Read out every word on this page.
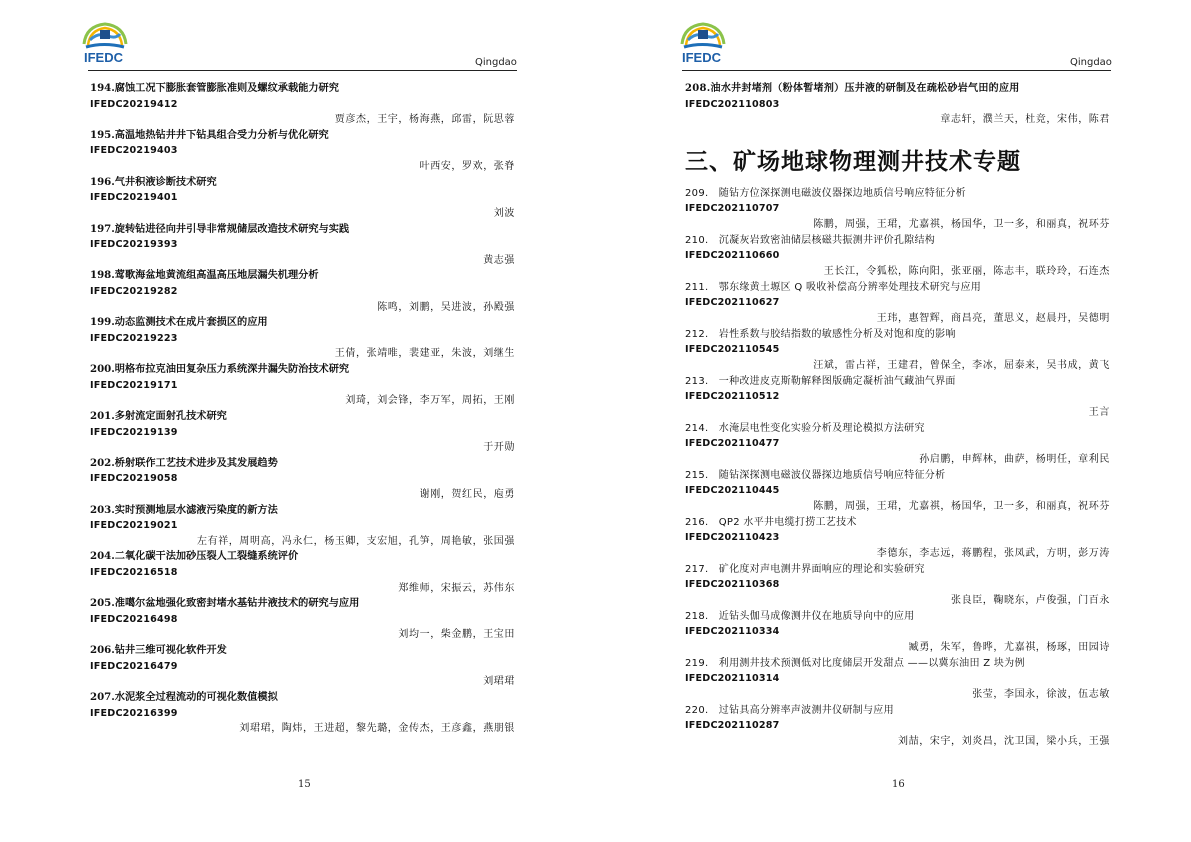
IFEDC	Qingdao
194.腐蚀工况下膨胀套管膨胀准则及螺纹承载能力研究
IFEDC20219412
贾彦杰，王宇，杨海燕，邱雷，阮思蓉
195.高温地热钻井井下钻具组合受力分析与优化研究
IFEDC20219403
叶西安，罗欢，张脊
196.气井积液诊断技术研究
IFEDC20219401
刘波
197.旋转钻进径向井引导非常规储层改造技术研究与实践
IFEDC20219393
黄志强
198.莺歌海盆地黄流组高温高压地层漏失机理分析
IFEDC20219282
陈鸣，刘鹏，吴进波，孙殿强
199.动态监测技术在成片套损区的应用
IFEDC20219223
王倩，张靖唯，裴建亚，朱波，刘继生
200.明格布拉克油田复杂压力系统深井漏失防治技术研究
IFEDC20219171
刘琦，刘会锋，李万军，周拓，王刚
201.多射流定面射孔技术研究
IFEDC20219139
于开勋
202.桥射联作工艺技术进步及其发展趋势
IFEDC20219058
谢刚，贺红民，庖勇
203.实时预测地层水滤液污染度的新方法
IFEDC20219021
左有祥，周明高，冯永仁，杨玉卿，支宏旭，孔笋，周艳敏，张国强
204.二氧化碳干法加砂压裂人工裂缝系统评价
IFEDC20216518
郑维师，宋振云，苏伟东
205.准噶尔盆地强化致密封堵水基钻井液技术的研究与应用
IFEDC20216498
刘均一，柴金鹏，王宝田
206.钻井三维可视化软件开发
IFEDC20216479
刘珺珺
207.水泥浆全过程流动的可视化数值模拟
IFEDC20216399
刘珺珺，陶炜，王进超，黎先璐，金传杰，王彦鑫，燕朋银
15
IFEDC	Qingdao
208.油水井封堵剂（粉体暂堵剂）压井液的研制及在疏松砂岩气田的应用
IFEDC202110803
章志轩，濮兰天，杜竞，宋伟，陈君
三、矿场地球物理测井技术专题
209.　随钻方位深探测电磁波仪器探边地质信号响应特征分析
IFEDC202110707
陈鹏，周强，王珺，尤嘉祺，杨国华，卫一多，和丽真，祝环芬
210.　沉凝灰岩致密油储层核磁共振测井评价孔隙结构
IFEDC202110660
王长江，令狐松，陈向阳，张亚丽，陈志丰，联玲玲，石连杰
211.　鄂东缘黄土塬区 Q 吸收补偿高分辨率处理技术研究与应用
IFEDC202110627
王玮，惠智辉，商昌亮，董思义，赵晨丹，吴德明
212.　岩性系数与胶结指数的敏感性分析及对饱和度的影响
IFEDC202110545
汪斌，雷占祥，王建君，曾保全，李冰，屈泰来，吴书成，黄飞
213.　一种改进皮克斯勒解释图版确定凝析油气藏油气界面
IFEDC202110512
王言
214.　水淹层电性变化实验分析及理论模拟方法研究
IFEDC202110477
孙启鹏，申辉林，曲萨，杨明任，章利民
215.　随钻深探测电磁波仪器探边地质信号响应特征分析
IFEDC202110445
陈鹏，周强，王珺，尤嘉祺，杨国华，卫一多，和丽真，祝环芬
216.　QP2 水平井电缆打捞工艺技术
IFEDC202110423
李德东，李志远，蒋鹏程，张凤武，方明，彭万涛
217.　矿化度对声电测井界面响应的理论和实验研究
IFEDC202110368
张良臣，鞠晓东，卢俊强，门百永
218.　近钻头伽马成像测井仪在地质导向中的应用
IFEDC202110334
臧勇，朱军，鲁晔，尤嘉祺，杨琢，田园诗
219.　利用测井技术预测低对比度储层开发甜点 ——以冀东油田 Z 块为例
IFEDC202110314
张莹，李国永，徐波，伍志敏
220.　过钻具高分辨率声波测井仪研制与应用
IFEDC202110287
刘喆，宋宇，刘炎昌，沈卫国，梁小兵，王强
16
